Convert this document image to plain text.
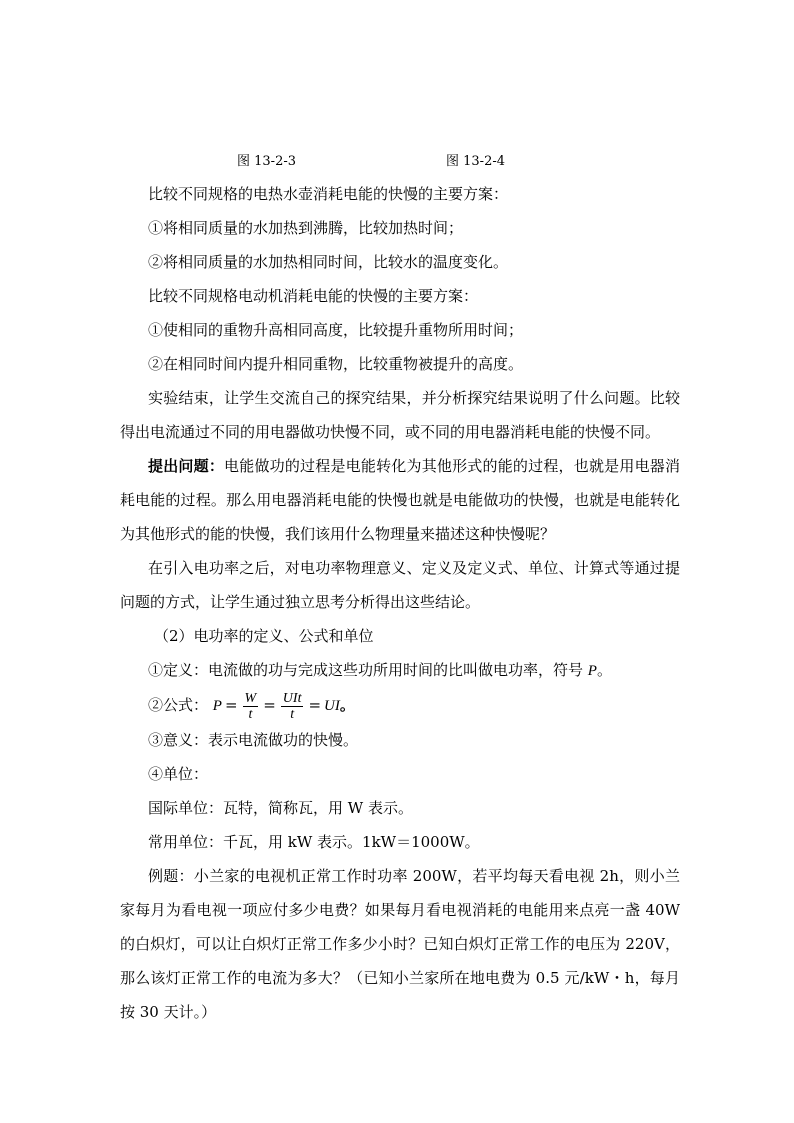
图 13-2-3	图 13-2-4

比较不同规格的电热水壶消耗电能的快慢的主要方案：

①将相同质量的水加热到沸腾，比较加热时间；

②将相同质量的水加热相同时间，比较水的温度变化。

比较不同规格电动机消耗电能的快慢的主要方案：

①使相同的重物升高相同高度，比较提升重物所用时间；

②在相同时间内提升相同重物，比较重物被提升的高度。

实验结束，让学生交流自己的探究结果，并分析探究结果说明了什么问题。比较得出电流通过不同的用电器做功快慢不同，或不同的用电器消耗电能的快慢不同。

提出问题：电能做功的过程是电能转化为其他形式的能的过程，也就是用电器消耗电能的过程。那么用电器消耗电能的快慢也就是电能做功的快慢，也就是电能转化为其他形式的能的快慢，我们该用什么物理量来描述这种快慢呢？

在引入电功率之后，对电功率物理意义、定义及定义式、单位、计算式等通过提问题的方式，让学生通过独立思考分析得出这些结论。

（2）电功率的定义、公式和单位

①定义：电流做的功与完成这些功所用时间的比叫做电功率，符号 P。

②公式： $P = \frac{W}{t} = \frac{\text{UIt}}{t}$ = UI。

③意义：表示电流做功的快慢。

④单位：

国际单位：瓦特，简称瓦，用 W 表示。

常用单位：千瓦，用 kW 表示。1kW＝1000W。

例题：小兰家的电视机正常工作时功率 200W，若平均每天看电视 2h，则小兰家每月为看电视一项应付多少电费？如果每月看电视消耗的电能用来点亮一盏 40W 的白炽灯，可以让白炽灯正常工作多少小时？已知白炽灯正常工作的电压为 220V，那么该灯正常工作的电流为多大？（已知小兰家所在地电费为 0.5 元/kW・h，每月按 30 天计。）
